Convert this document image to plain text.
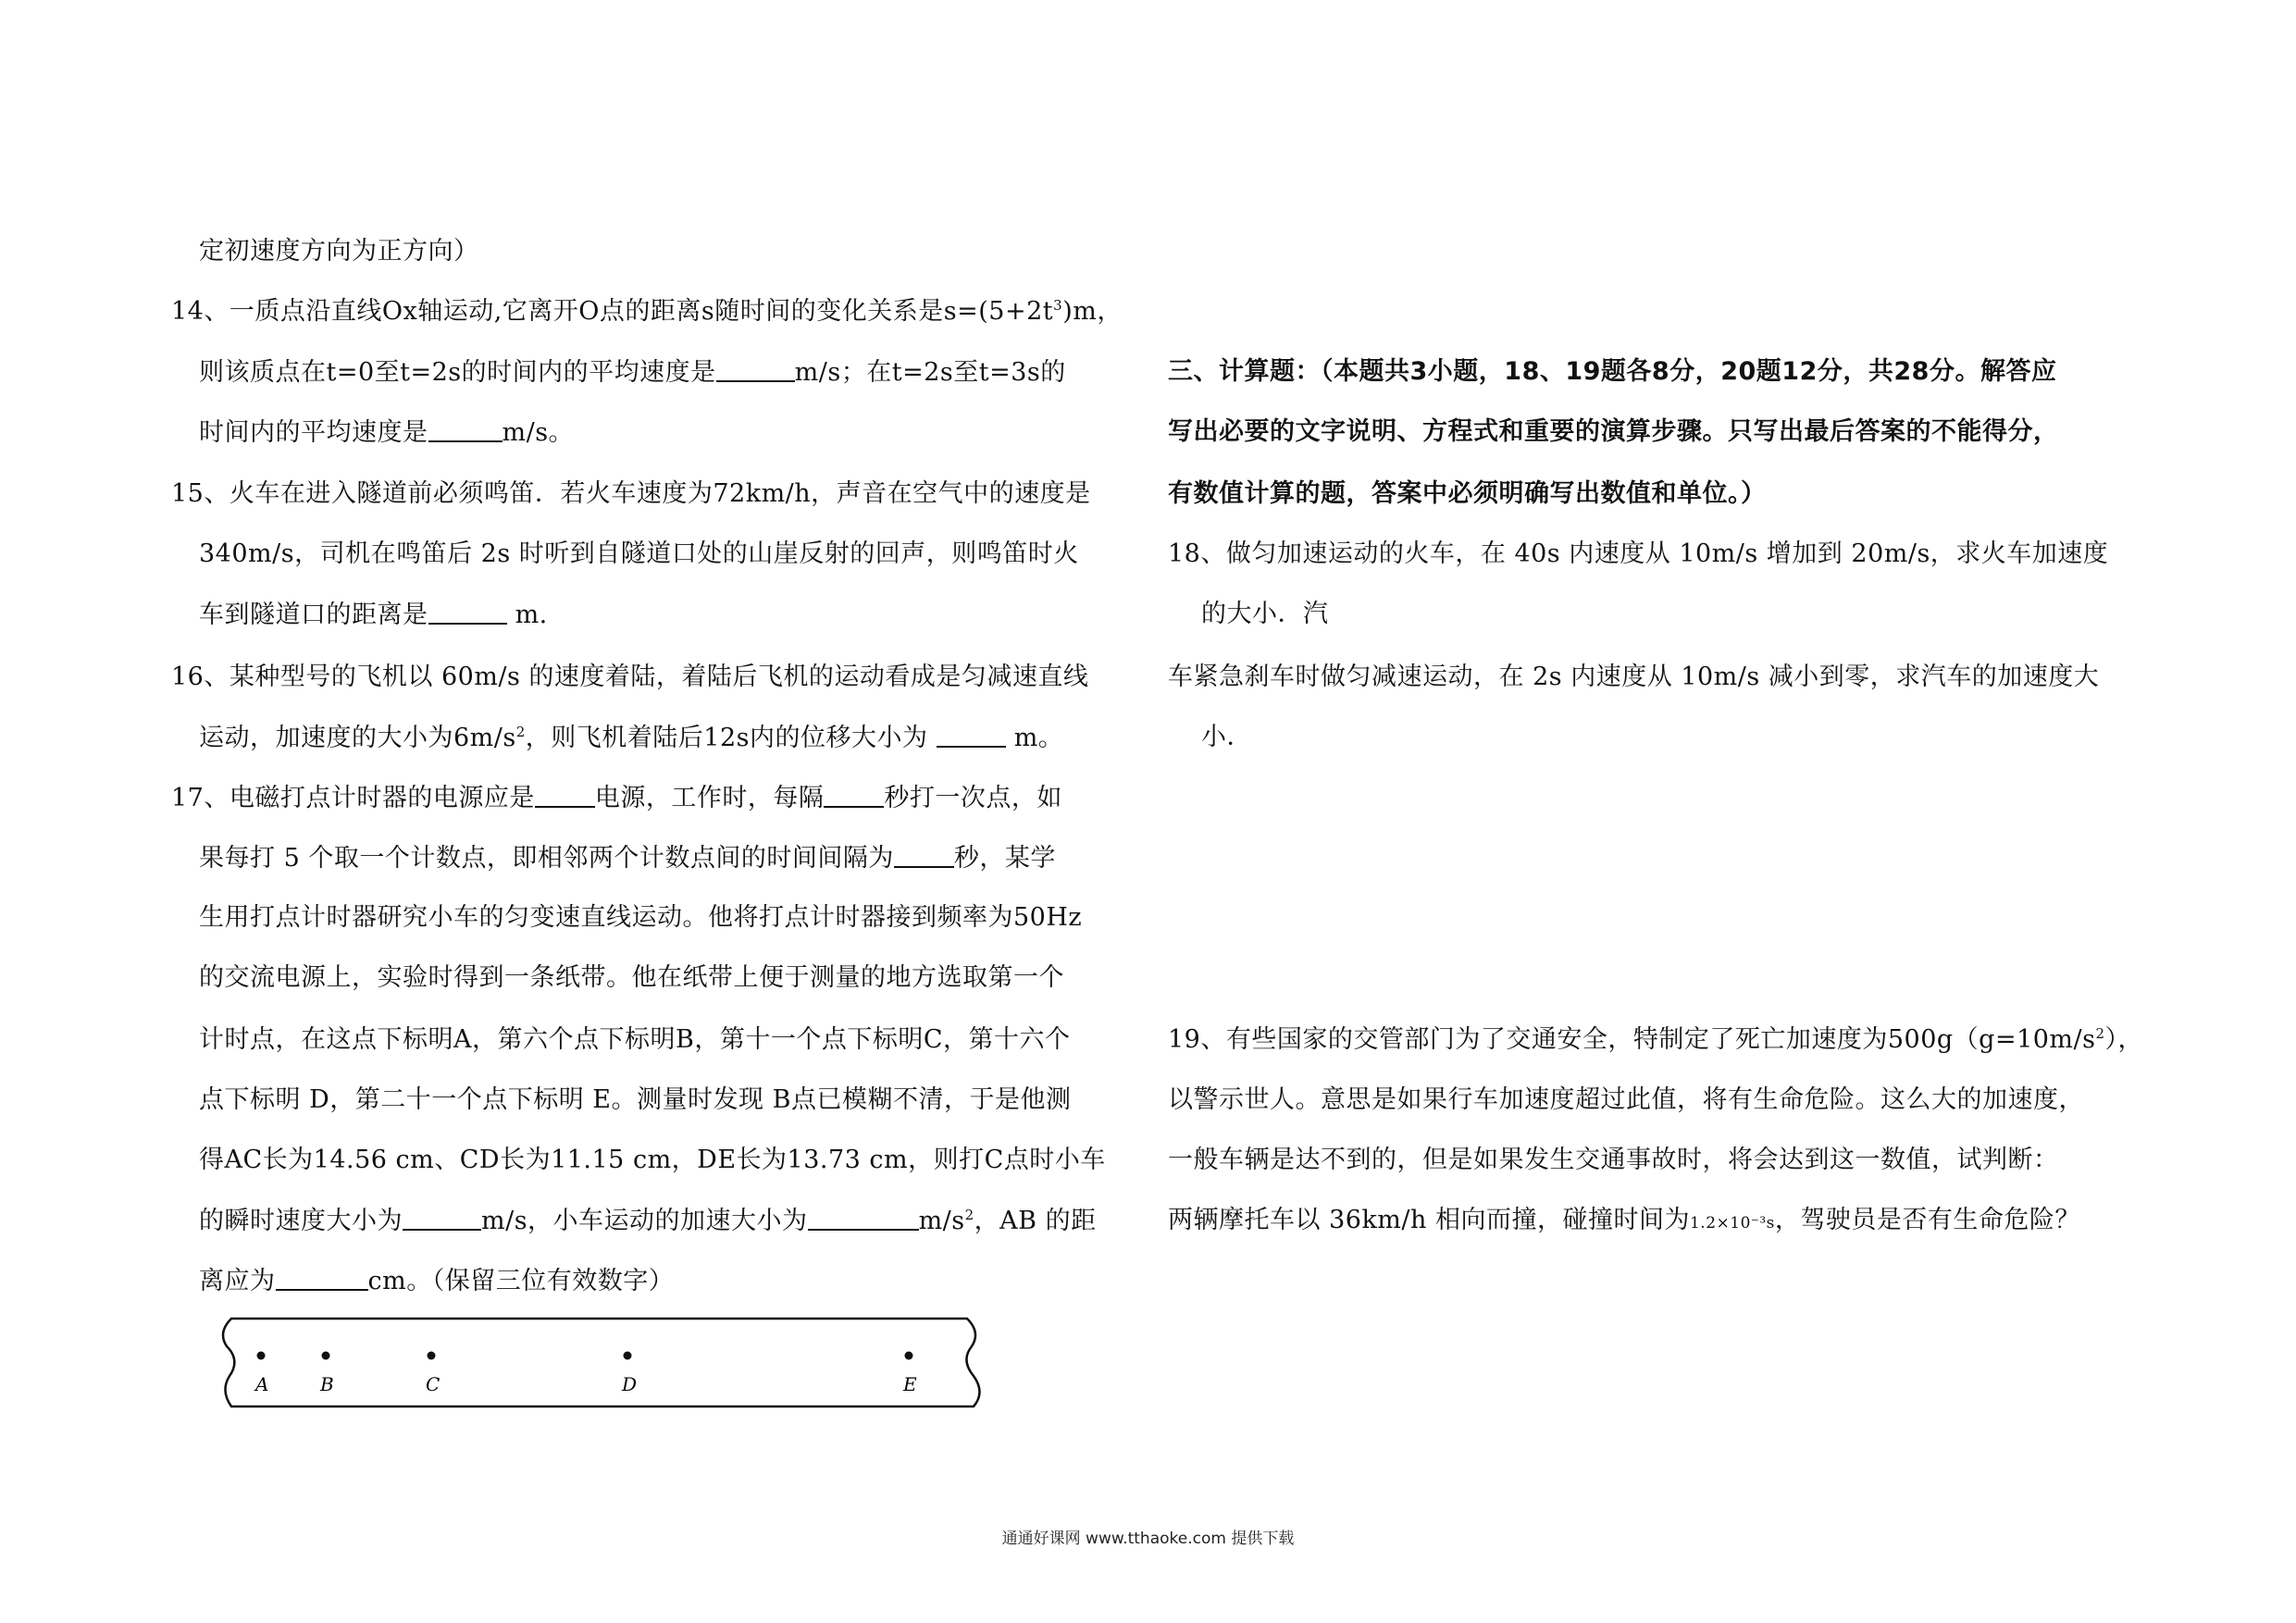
定初速度方向为正方向）

14、一质点沿直线Ox轴运动,它离开O点的距离s随时间的变化关系是$s=(5+2t^3)m$，

则该质点在t=0至t=2s的时间内的平均速度是	m/s；在t=2s至t=3s的

时间内的平均速度是	m/s。

15、火车在进入隧道前必须鸣笛．若火车速度为72km/h，声音在空气中的速度是

340m/s，司机在鸣笛后 2s 时听到自隧道口处的山崖反射的回声，则鸣笛时火

车到隧道口的距离是	m.

16、某种型号的飞机以 60m/s 的速度着陆，着陆后飞机的运动看成是匀减速直线

运动，加速度的大小为$6m/s^2$，则飞机着陆后12s内的位移大小为	m。

17、电磁打点计时器的电源应是 电源，工作时，每隔 秒打一次点，如

果每打 5 个取一个计数点，即相邻两个计数点间的时间间隔为 秒，某学

生用打点计时器研究小车的匀变速直线运动。他将打点计时器接到频率为50Hz

的交流电源上，实验时得到一条纸带。他在纸带上便于测量的地方选取第一个

计时点，在这点下标明A，第六个点下标明B，第十一个点下标明C，第十六个

点下标明 D，第二十一个点下标明 E。测量时发现 B点已模糊不清，于是他测

得AC长为14.56 cm、CD长为11.15 cm，DE长为13.73 cm，则打C点时小车

的瞬时速度大小为	m/s，小车运动的加速大小为	$m/s^2$，AB 的距

离应为	cm。（保留三位有效数字）

A	B	C	D	E

三、计算题：（本题共3小题，18、19题各8分，20题12分，共28分。解答应

写出必要的文字说明、方程式和重要的演算步骤。只写出最后答案的不能得分，

有数值计算的题，答案中必须明确写出数值和单位。）

18、做匀加速运动的火车，在 40s 内速度从 10m/s 增加到 20m/s，求火车加速度

的大小．汽

车紧急刹车时做匀减速运动，在 2s 内速度从 10m/s 减小到零，求汽车的加速度大

小．

19、有些国家的交管部门为了交通安全，特制定了死亡加速度为$500g(g=10m/s^2)$，

以警示世人。意思是如果行车加速度超过此值，将有生命危险。这么大的加速度，

一般车辆是达不到的，但是如果发生交通事故时，将会达到这一数值，试判断：

两辆摩托车以 36km/h 相向而撞，碰撞时间为1.2×10⁻³s，驾驶员是否有生命危险？

通通好课网 www.tthaoke.com 提供下载
